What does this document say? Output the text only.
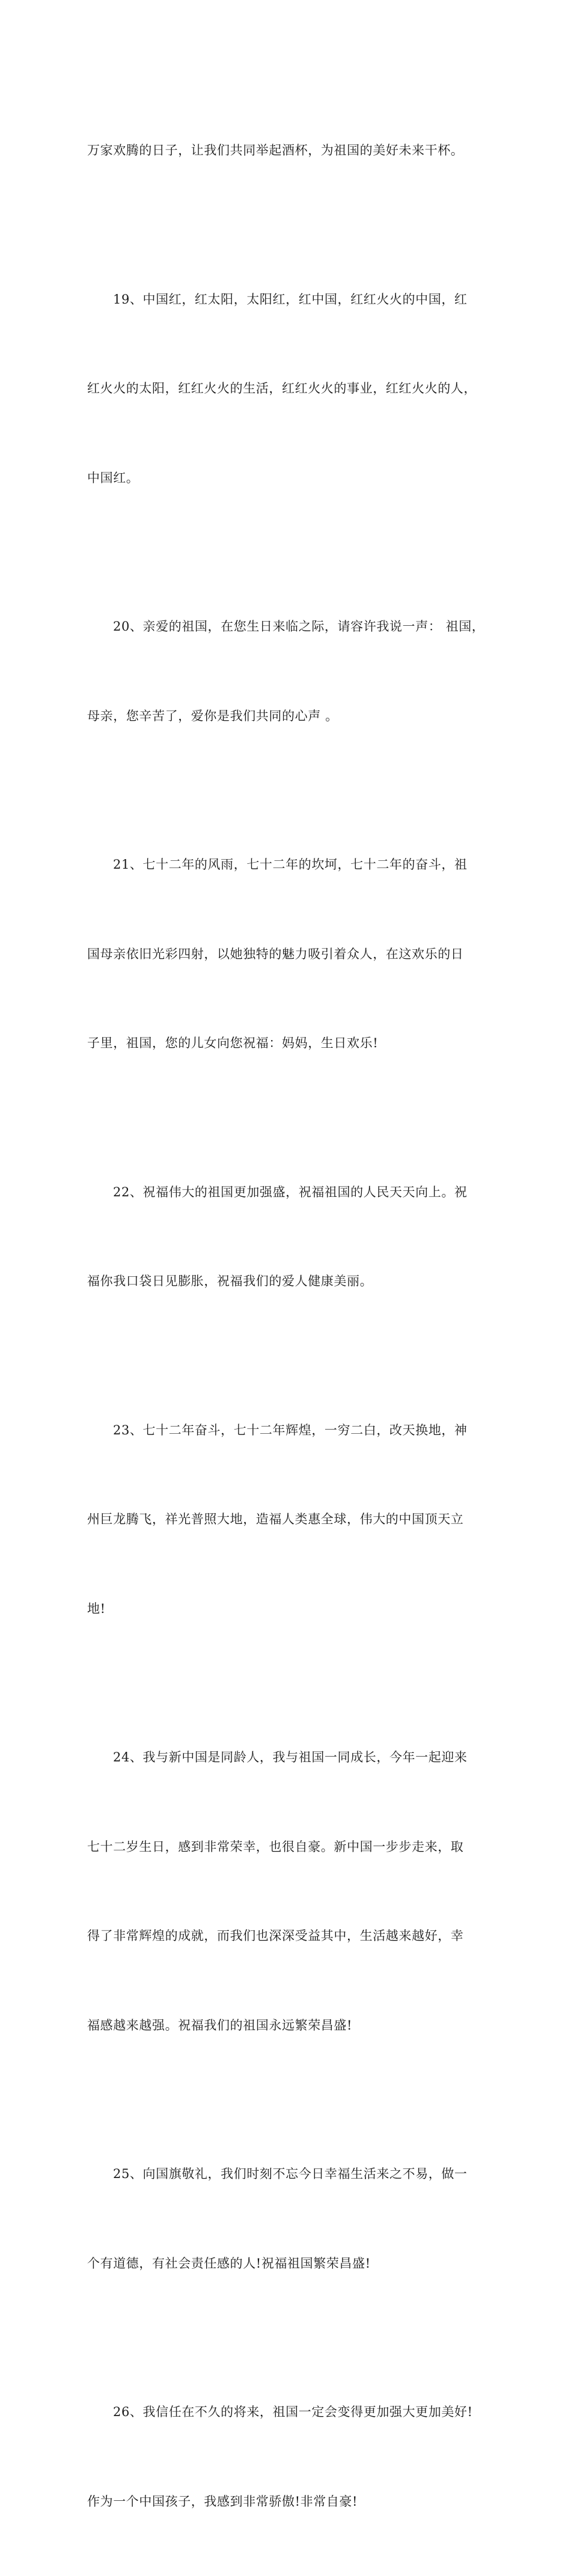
万家欢腾的日子，让我们共同举起酒杯，为祖国的美好未来干杯。

19、中国红，红太阳，太阳红，红中国，红红火火的中国，红

红火火的太阳，红红火火的生活，红红火火的事业，红红火火的人，

中国红。

20、亲爱的祖国，在您生日来临之际，请容许我说一声： 祖国，

母亲，您辛苦了，爱你是我们共同的心声 。

21、七十二年的风雨，七十二年的坎坷，七十二年的奋斗，祖

国母亲依旧光彩四射，以她独特的魅力吸引着众人，在这欢乐的日

子里，祖国，您的儿女向您祝福：妈妈，生日欢乐!

22、祝福伟大的祖国更加强盛，祝福祖国的人民天天向上。祝

福你我口袋日见膨胀，祝福我们的爱人健康美丽。

23、七十二年奋斗，七十二年辉煌，一穷二白，改天换地，神

州巨龙腾飞，祥光普照大地，造福人类惠全球，伟大的中国顶天立

地!

24、我与新中国是同龄人，我与祖国一同成长，今年一起迎来

七十二岁生日，感到非常荣幸，也很自豪。新中国一步步走来，取

得了非常辉煌的成就，而我们也深深受益其中，生活越来越好，幸

福感越来越强。祝福我们的祖国永远繁荣昌盛!

25、向国旗敬礼，我们时刻不忘今日幸福生活来之不易，做一

个有道德，有社会责任感的人!祝福祖国繁荣昌盛!

26、我信任在不久的将来，祖国一定会变得更加强大更加美好!

作为一个中国孩子，我感到非常骄傲!非常自豪!
